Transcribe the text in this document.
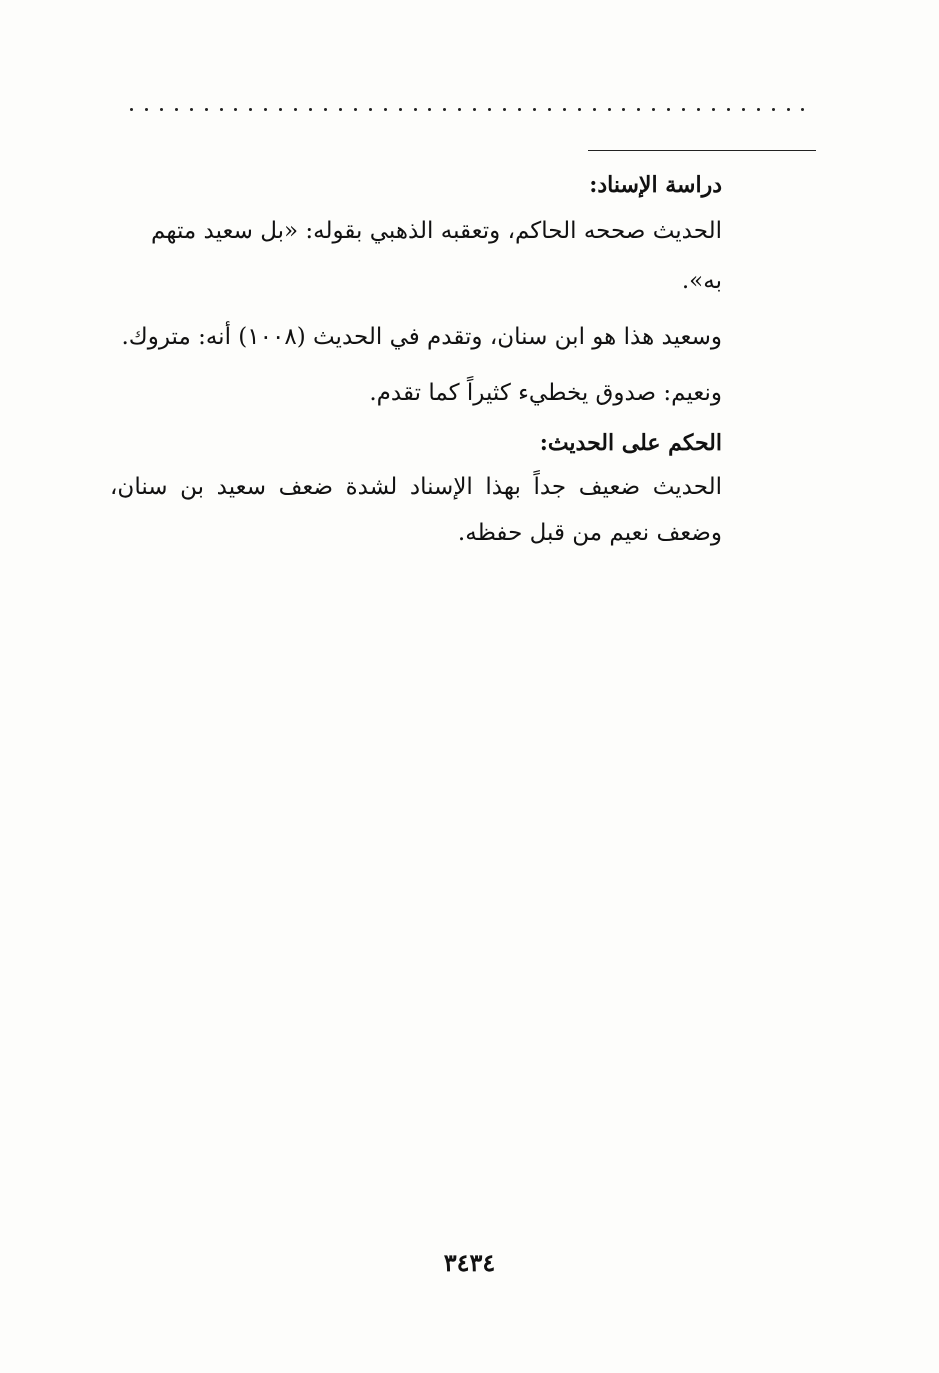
دراسة الإسناد:

الحديث صححه الحاكم، وتعقبه الذهبي بقوله: «بل سعيد متهم به».

وسعيد هذا هو ابن سنان، وتقدم في الحديث (١٠٠٨) أنه: متروك.

ونعيم: صدوق يخطيء كثيراً كما تقدم.

الحكم على الحديث:

الحديث ضعيف جداً بهذا الإسناد لشدة ضعف سعيد بن سنان، وضعف نعيم من قبل حفظه.

٣٤٣٤
